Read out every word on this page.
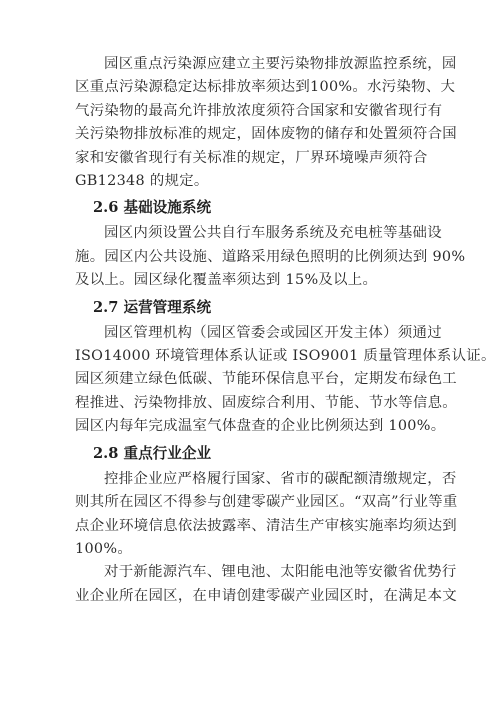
园区重点污染源应建立主要污染物排放源监控系统，园
区重点污染源稳定达标排放率须达到100%。水污染物、大
气污染物的最高允许排放浓度须符合国家和安徽省现行有
关污染物排放标准的规定，固体废物的储存和处置须符合国
家和安徽省现行有关标准的规定，厂界环境噪声须符合
GB12348 的规定。

2.6 基础设施系统

园区内须设置公共自行车服务系统及充电桩等基础设
施。园区内公共设施、道路采用绿色照明的比例须达到 90%
及以上。园区绿化覆盖率须达到 15%及以上。

2.7 运营管理系统

园区管理机构（园区管委会或园区开发主体）须通过
ISO14000 环境管理体系认证或 ISO9001 质量管理体系认证。
园区须建立绿色低碳、节能环保信息平台，定期发布绿色工
程推进、污染物排放、固废综合利用、节能、节水等信息。
园区内每年完成温室气体盘查的企业比例须达到 100%。

2.8 重点行业企业

控排企业应严格履行国家、省市的碳配额清缴规定，否
则其所在园区不得参与创建零碳产业园区。“双高”行业等重
点企业环境信息依法披露率、清洁生产审核实施率均须达到
100%。

对于新能源汽车、锂电池、太阳能电池等安徽省优势行
业企业所在园区，在申请创建零碳产业园区时，在满足本文
